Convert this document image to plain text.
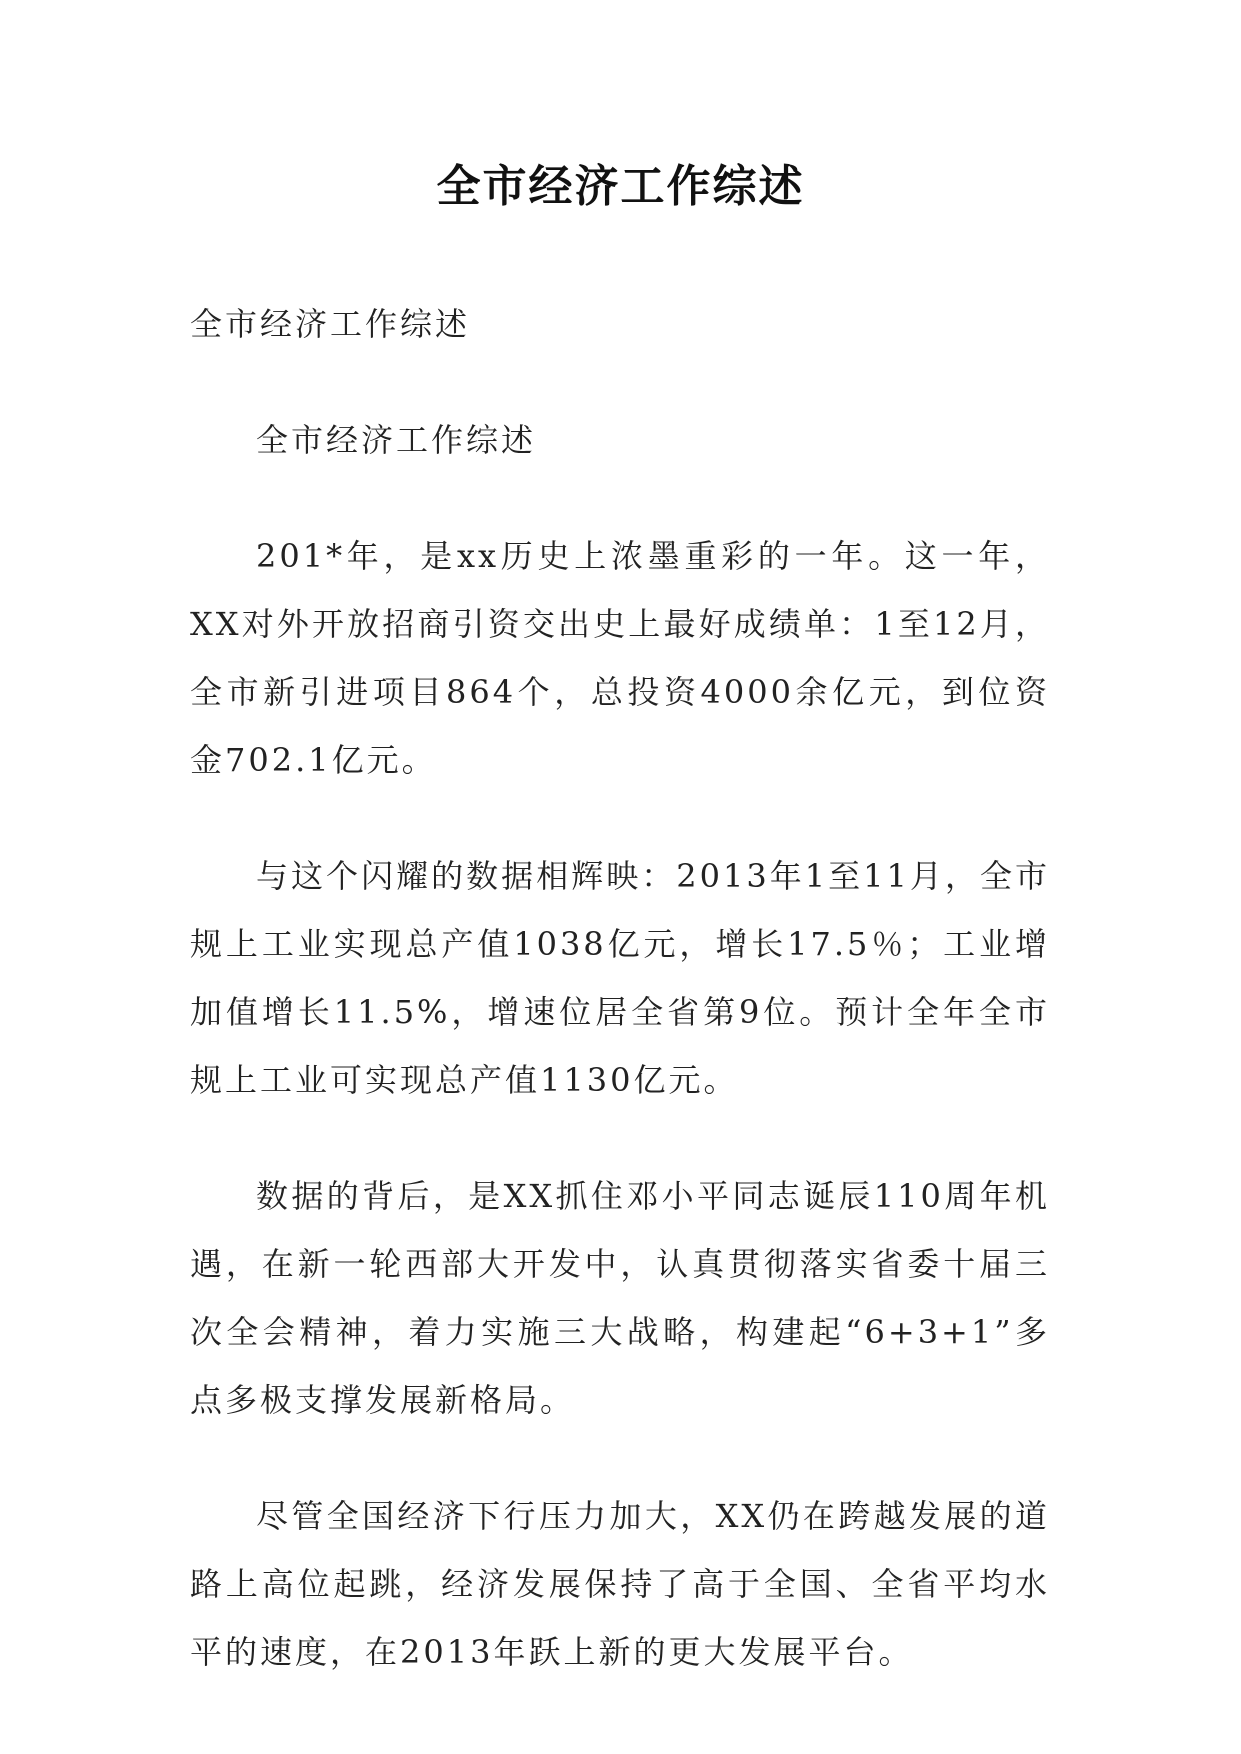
全市经济工作综述

全市经济工作综述

全市经济工作综述

201*年，是xx历史上浓墨重彩的一年。这一年，XX对外开放招商引资交出史上最好成绩单：1至12月，全市新引进项目864个，总投资4000余亿元，到位资金702.1亿元。

与这个闪耀的数据相辉映：2013年1至11月，全市规上工业实现总产值1038亿元，增长17.5％；工业增加值增长11.5%，增速位居全省第9位。预计全年全市规上工业可实现总产值1130亿元。

数据的背后，是XX抓住邓小平同志诞辰110周年机遇，在新一轮西部大开发中，认真贯彻落实省委十届三次全会精神，着力实施三大战略，构建起“6+3+1”多点多极支撑发展新格局。

尽管全国经济下行压力加大，XX仍在跨越发展的道路上高位起跳，经济发展保持了高于全国、全省平均水平的速度，在2013年跃上新的更大发展平台。
